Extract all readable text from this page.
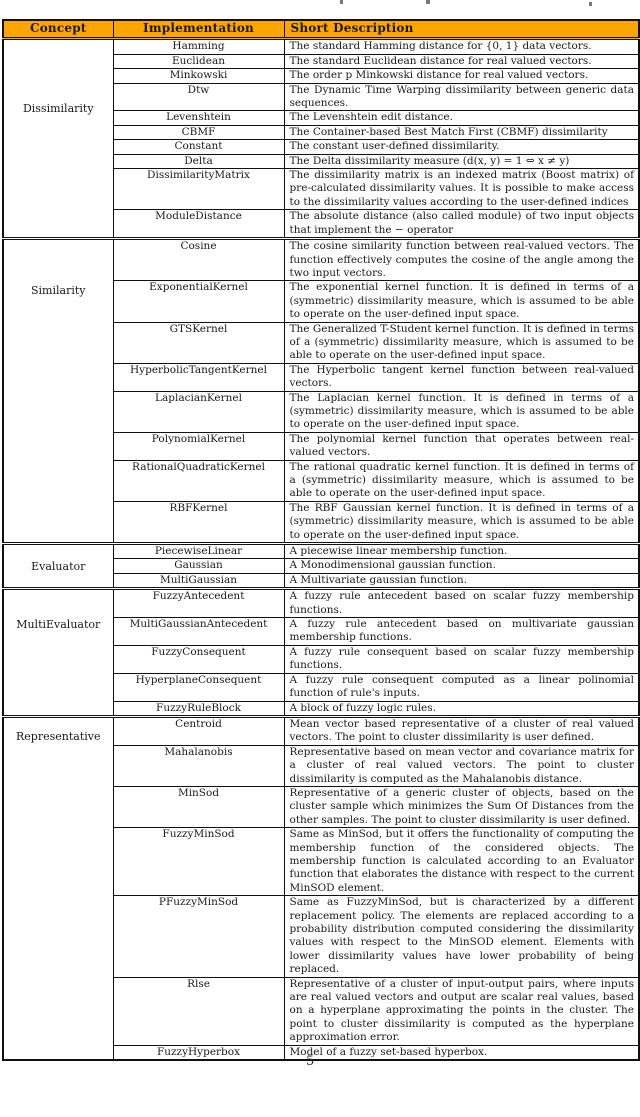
Concept	Implementation	Short Description

Dissimilarity	Hamming	The standard Hamming distance for {0, 1} data vectors.
	Euclidean	The standard Euclidean distance for real valued vectors.
	Minkowski	The order p Minkowski distance for real valued vectors.
	Dtw	The Dynamic Time Warping dissimilarity between generic data sequences.
	Levenshtein	The Levenshtein edit distance.
	CBMF	The Container-based Best Match First (CBMF) dissimilarity
	Constant	The constant user-defined dissimilarity.
	Delta	The Delta dissimilarity measure (d(x, y) = 1 ⇔ x ≠ y)
	DissimilarityMatrix	The dissimilarity matrix is an indexed matrix (Boost matrix) of pre-calculated dissimilarity values. It is possible to make access to the dissimilarity values according to the user-defined indices
	ModuleDistance	The absolute distance (also called module) of two input objects that implement the − operator

Similarity	Cosine	The cosine similarity function between real-valued vectors. The function effectively computes the cosine of the angle among the two input vectors.
	ExponentialKernel	The exponential kernel function. It is defined in terms of a (symmetric) dissimilarity measure, which is assumed to be able to operate on the user-defined input space.
	GTSKernel	The Generalized T-Student kernel function. It is defined in terms of a (symmetric) dissimilarity measure, which is assumed to be able to operate on the user-defined input space.
	HyperbolicTangentKernel	The Hyperbolic tangent kernel function between real-valued vectors.
	LaplacianKernel	The Laplacian kernel function. It is defined in terms of a (symmetric) dissimilarity measure, which is assumed to be able to operate on the user-defined input space.
	PolynomialKernel	The polynomial kernel function that operates between real-valued vectors.
	RationalQuadraticKernel	The rational quadratic kernel function. It is defined in terms of a (symmetric) dissimilarity measure, which is assumed to be able to operate on the user-defined input space.
	RBFKernel	The RBF Gaussian kernel function. It is defined in terms of a (symmetric) dissimilarity measure, which is assumed to be able to operate on the user-defined input space.

Evaluator	PiecewiseLinear	A piecewise linear membership function.
	Gaussian	A Monodimensional gaussian function.
	MultiGaussian	A Multivariate gaussian function.

MultiEvaluator	FuzzyAntecedent	A fuzzy rule antecedent based on scalar fuzzy membership functions.
	MultiGaussianAntecedent	A fuzzy rule antecedent based on multivariate gaussian membership functions.
	FuzzyConsequent	A fuzzy rule consequent based on scalar fuzzy membership functions.
	HyperplaneConsequent	A fuzzy rule consequent computed as a linear polinomial function of rule's inputs.
	FuzzyRuleBlock	A block of fuzzy logic rules.

Representative	Centroid	Mean vector based representative of a cluster of real valued vectors. The point to cluster dissimilarity is user defined.
	Mahalanobis	Representative based on mean vector and covariance matrix for a cluster of real valued vectors. The point to cluster dissimilarity is computed as the Mahalanobis distance.
	MinSod	Representative of a generic cluster of objects, based on the cluster sample which minimizes the Sum Of Distances from the other samples. The point to cluster dissimilarity is user defined.
	FuzzyMinSod	Same as MinSod, but it offers the functionality of computing the membership function of the considered objects. The membership function is calculated according to an Evaluator function that elaborates the distance with respect to the current MinSOD element.
	PFuzzyMinSod	Same as FuzzyMinSod, but is characterized by a different replacement policy. The elements are replaced according to a probability distribution computed considering the dissimilarity values with respect to the MinSOD element. Elements with lower dissimilarity values have lower probability of being replaced.
	Rlse	Representative of a cluster of input-output pairs, where inputs are real valued vectors and output are scalar real values, based on a hyperplane approximating the points in the cluster. The point to cluster dissimilarity is computed as the hyperplane approximation error.
	FuzzyHyperbox	Model of a fuzzy set-based hyperbox.
5
